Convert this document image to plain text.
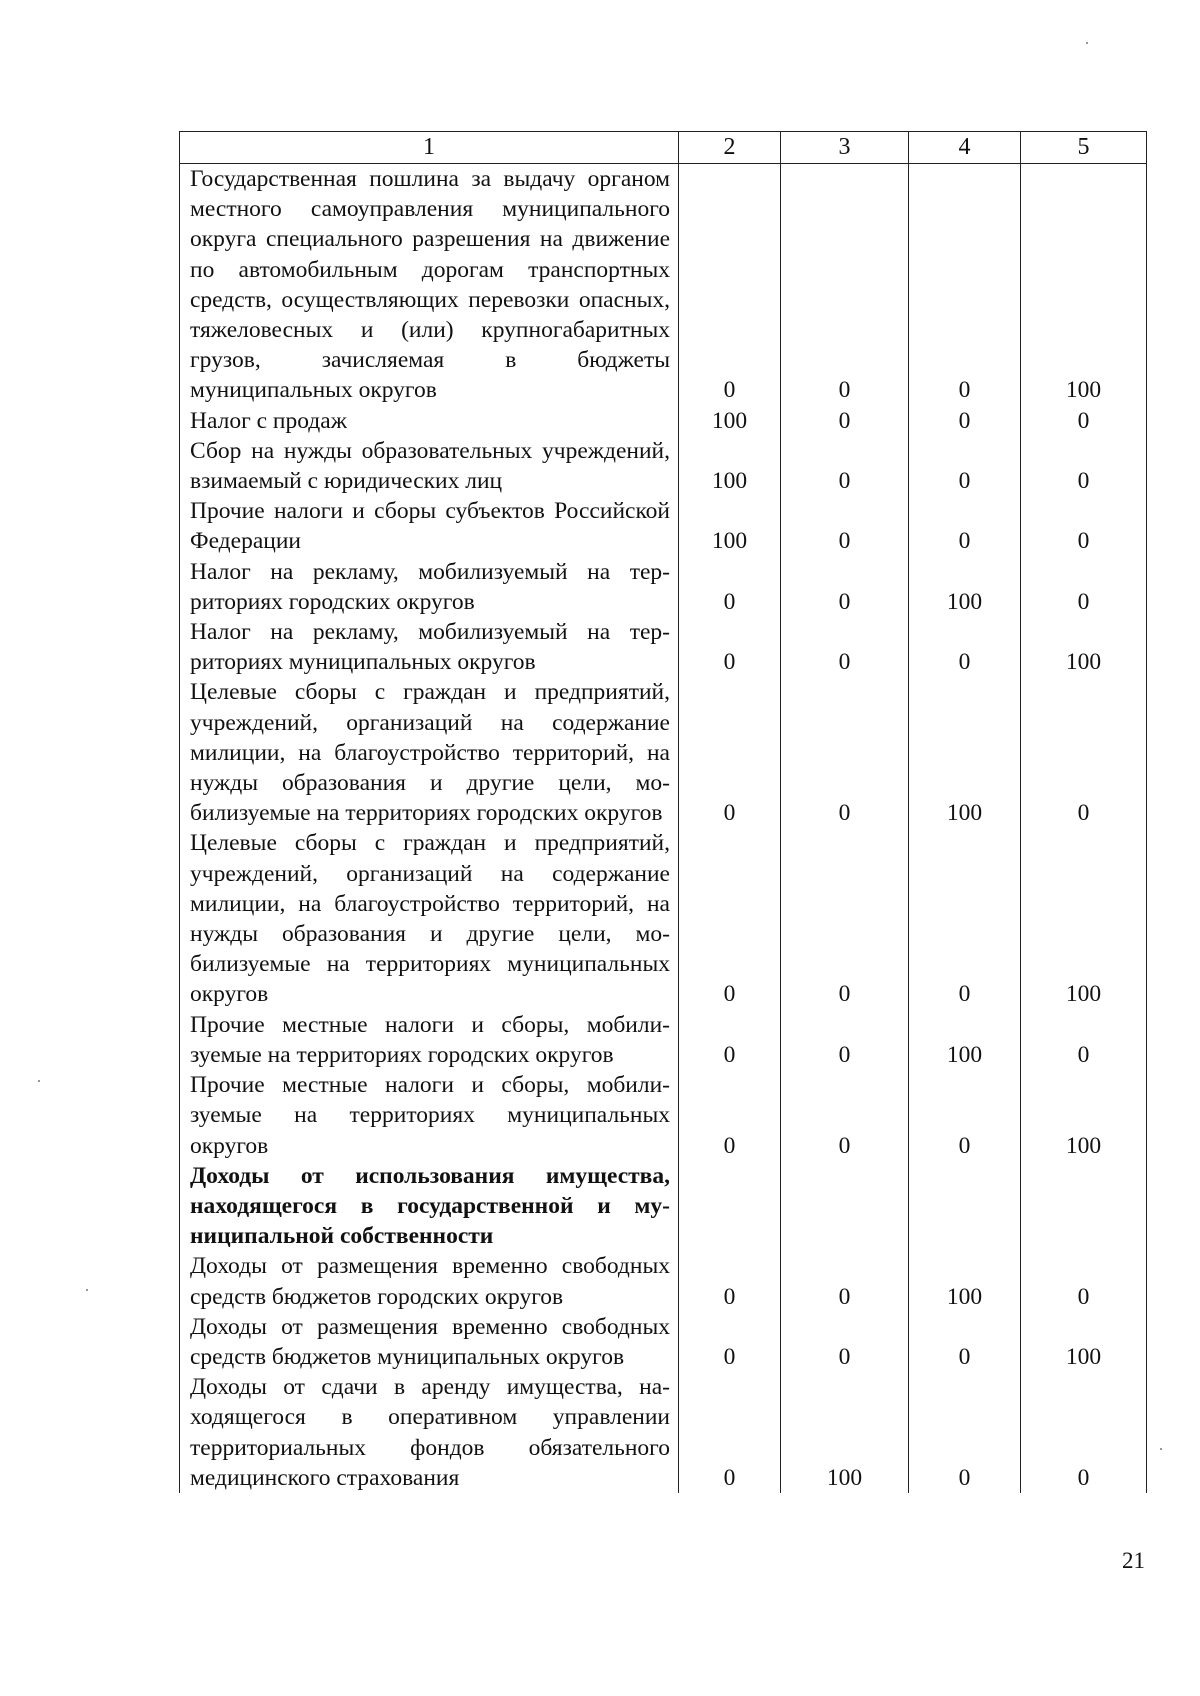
1	2	3	4	5
Государственная пошлина за выдачу органом местного самоуправления муниципального округа специального разрешения на движение по автомобильным дорогам транспортных средств, осуществляющих перевозки опасных, тяжеловесных и (или) крупногабаритных грузов, зачисляемая в бюджеты муниципальных округов	0	0	0	100
Налог с продаж	100	0	0	0
Сбор на нужды образовательных учреждений, взимаемый с юридических лиц	100	0	0	0
Прочие налоги и сборы субъектов Российской Федерации	100	0	0	0
Налог на рекламу, мобилизуемый на территориях городских округов	0	0	100	0
Налог на рекламу, мобилизуемый на территориях муниципальных округов	0	0	0	100
Целевые сборы с граждан и предприятий, учреждений, организаций на содержание милиции, на благоустройство территорий, на нужды образования и другие цели, мобилизуемые на территориях городских округов	0	0	100	0
Целевые сборы с граждан и предприятий, учреждений, организаций на содержание милиции, на благоустройство территорий, на нужды образования и другие цели, мобилизуемые на территориях муниципальных округов	0	0	0	100
Прочие местные налоги и сборы, мобилизуемые на территориях городских округов	0	0	100	0
Прочие местные налоги и сборы, мобилизуемые на территориях муниципальных округов	0	0	0	100
Доходы от использования имущества, находящегося в государственной и муниципальной собственности				
Доходы от размещения временно свободных средств бюджетов городских округов	0	0	100	0
Доходы от размещения временно свободных средств бюджетов муниципальных округов	0	0	0	100
Доходы от сдачи в аренду имущества, находящегося в оперативном управлении территориальных фондов обязательного медицинского страхования	0	100	0	0
21
